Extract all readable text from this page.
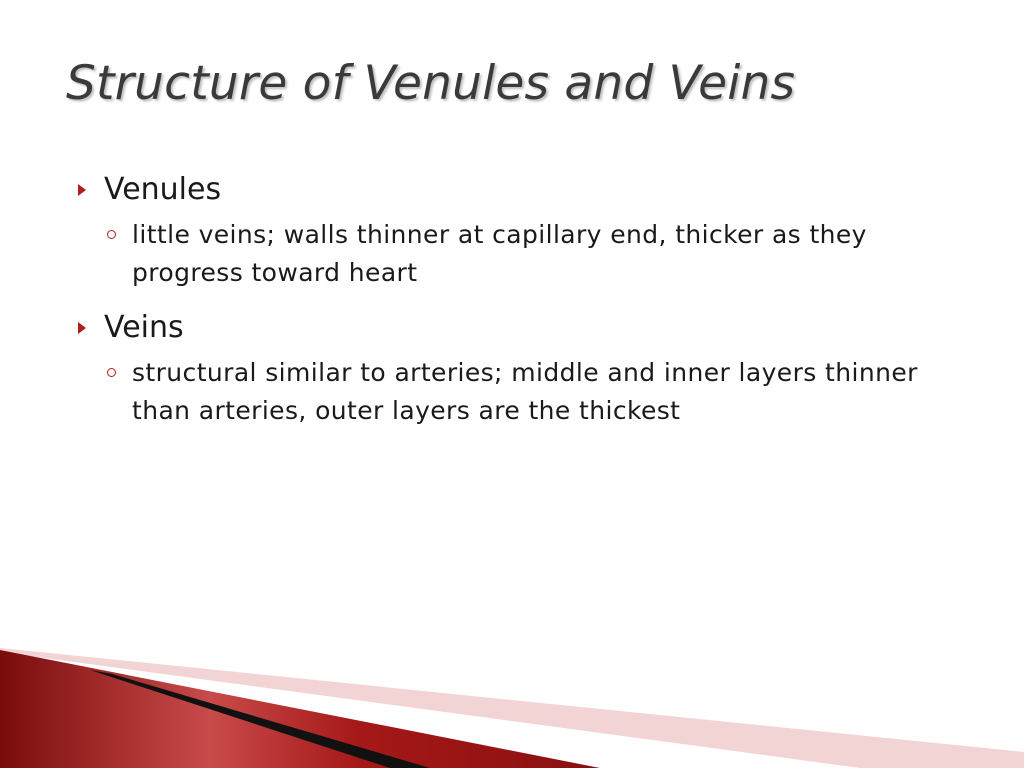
Structure of Venules and Veins
Venules
little veins; walls thinner at capillary end, thicker as they progress toward heart
Veins
structural similar to arteries; middle and inner layers thinner than arteries, outer layers are the thickest
